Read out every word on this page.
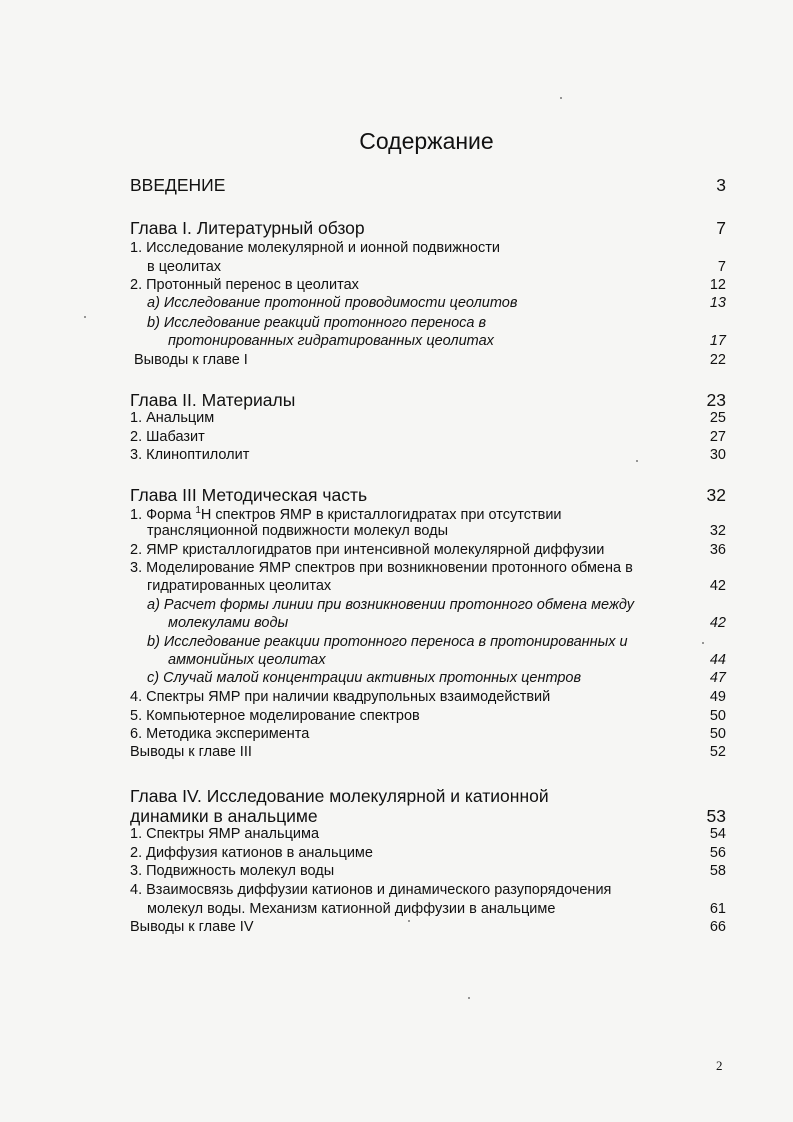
Содержание
ВВЕДЕНИЕ	3
Глава I. Литературный обзор	7
1. Исследование молекулярной и ионной подвижности
в цеолитах	7
2. Протонный перенос в цеолитах	12
a) Исследование протонной проводимости цеолитов	13
b) Исследование реакций протонного переноса в
протонированных гидратированных цеолитах	17
Выводы к главе I	22
Глава II. Материалы	23
1. Анальцим	25
2. Шабазит	27
3. Клиноптилолит	30
Глава III Методическая часть	32
1. Форма $^1$Н спектров ЯМР в кристаллогидратах при отсутствии
трансляционной подвижности молекул воды	32
2. ЯМР кристаллогидратов при интенсивной молекулярной диффузии	36
3. Моделирование ЯМР спектров при возникновении протонного обмена в
гидратированных цеолитах	42
a) Расчет формы линии при возникновении протонного обмена между
молекулами воды	42
b) Исследование реакции протонного переноса в протонированных и
аммонийных цеолитах	44
c) Случай малой концентрации активных протонных центров	47
4. Спектры ЯМР при наличии квадрупольных взаимодействий	49
5. Компьютерное моделирование спектров	50
6. Методика эксперимента	50
Выводы к главе III	52
Глава IV. Исследование молекулярной и катионной
динамики в анальциме	53
1. Спектры ЯМР анальцима	54
2. Диффузия катионов в анальциме	56
3. Подвижность молекул воды	58
4. Взаимосвязь диффузии катионов и динамического разупорядочения
молекул воды. Механизм катионной диффузии в анальциме	61
Выводы к главе IV	66
2
